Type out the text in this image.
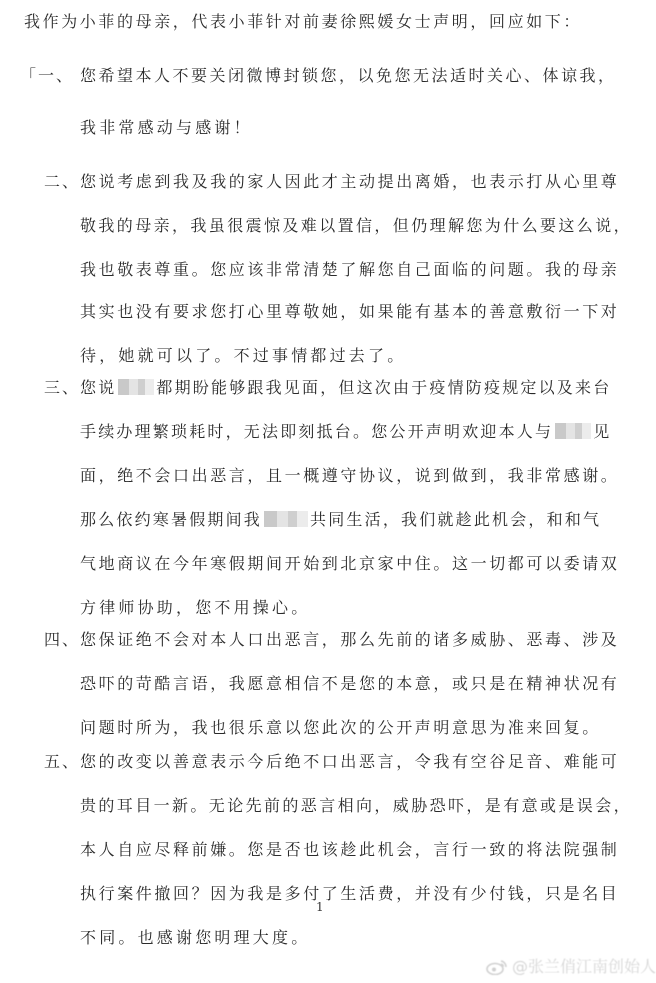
我作为小菲的母亲，代表小菲针对前妻徐熙媛女士声明，回应如下：
「一、 您希望本人不要关闭微博封锁您，以免您无法适时关心、体谅我，
我非常感动与感谢！
二、 您说考虑到我及我的家人因此才主动提出离婚，也表示打从心里尊
敬我的母亲，我虽很震惊及难以置信，但仍理解您为什么要这么说，
我也敬表尊重。您应该非常清楚了解您自己面临的问题。我的母亲
其实也没有要求您打心里尊敬她，如果能有基本的善意敷衍一下对
待，她就可以了。不过事情都过去了。
三、 您说	都期盼能够跟我见面，但这次由于疫情防疫规定以及来台
手续办理繁琐耗时，无法即刻抵台。您公开声明欢迎本人与	见
面，绝不会口出恶言，且一概遵守协议，说到做到，我非常感谢。
那么依约寒暑假期间我	共同生活，我们就趁此机会，和和气
气地商议在今年寒假期间开始到北京家中住。这一切都可以委请双
方律师协助，您不用操心。
四、 您保证绝不会对本人口出恶言，那么先前的诸多威胁、恶毒、涉及
恐吓的苛酷言语，我愿意相信不是您的本意，或只是在精神状况有
问题时所为，我也很乐意以您此次的公开声明意思为准来回复。
五、 您的改变以善意表示今后绝不口出恶言，令我有空谷足音、难能可
贵的耳目一新。无论先前的恶言相向，威胁恐吓，是有意或是误会，
本人自应尽释前嫌。您是否也该趁此机会，言行一致的将法院强制
执行案件撤回？因为我是多付了生活费，并没有少付钱，只是名目
不同。也感谢您明理大度。
1
@张兰俏江南创始人
